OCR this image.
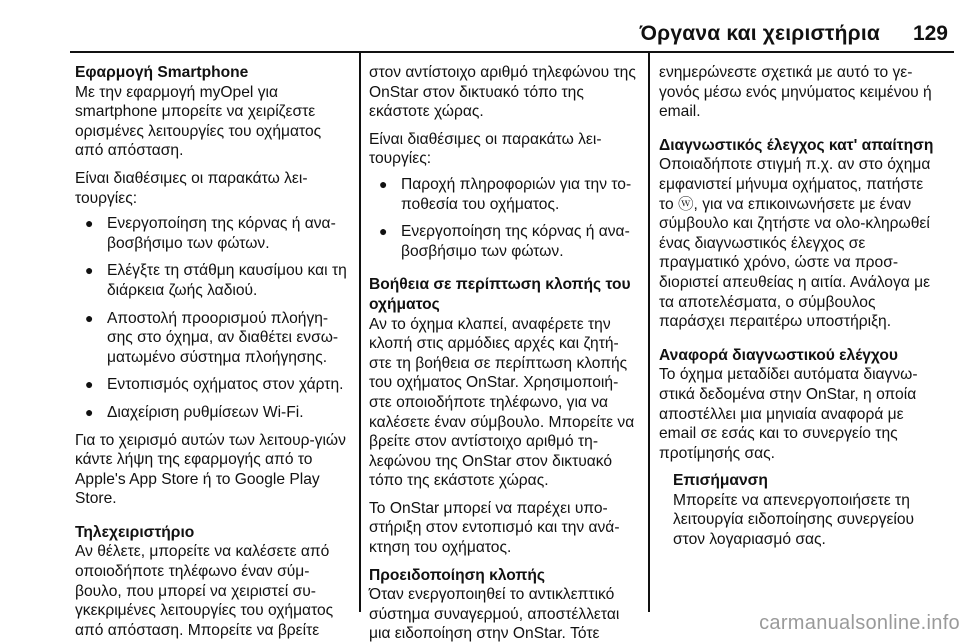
Όργανα και χειριστήρια	129
Εφαρμογή Smartphone

Με την εφαρμογή myOpel για smartphone μπορείτε να χειρίζεστε ορισμένες λειτουργίες του οχήματος από απόσταση.

Είναι διαθέσιμες οι παρακάτω λει-τουργίες:

● Ενεργοποίηση της κόρνας ή ανα-βοσβήσιμο των φώτων.
● Ελέγξτε τη στάθμη καυσίμου και τη διάρκεια ζωής λαδιού.
● Αποστολή προορισμού πλοήγη-σης στο όχημα, αν διαθέτει ενσω-ματωμένο σύστημα πλοήγησης.
● Εντοπισμός οχήματος στον χάρτη.
● Διαχείριση ρυθμίσεων Wi-Fi.

Για το χειρισμό αυτών των λειτουρ-γιών κάντε λήψη της εφαρμογής από το Apple's App Store ή το Google Play Store.

Τηλεχειριστήριο

Αν θέλετε, μπορείτε να καλέσετε από οποιοδήποτε τηλέφωνο έναν σύμ-βουλο, που μπορεί να χειριστεί συ-γκεκριμένες λειτουργίες του οχήματος από απόσταση. Μπορείτε να βρείτε

στον αντίστοιχο αριθμό τηλεφώνου της OnStar στον δικτυακό τόπο της εκάστοτε χώρας.

Είναι διαθέσιμες οι παρακάτω λει-τουργίες:

● Παροχή πληροφοριών για την το-ποθεσία του οχήματος.
● Ενεργοποίηση της κόρνας ή ανα-βοσβήσιμο των φώτων.
Βοήθεια σε περίπτωση κλοπής του οχήματος

Αν το όχημα κλαπεί, αναφέρετε την κλοπή στις αρμόδιες αρχές και ζητή-στε τη βοήθεια σε περίπτωση κλοπής του οχήματος OnStar. Χρησιμοποιή-στε οποιοδήποτε τηλέφωνο, για να καλέσετε έναν σύμβουλο. Μπορείτε να βρείτε στον αντίστοιχο αριθμό τη-λεφώνου της OnStar στον δικτυακό τόπο της εκάστοτε χώρας.

Το OnStar μπορεί να παρέχει υπο-στήριξη στον εντοπισμό και την ανά-κτηση του οχήματος.

Προειδοποίηση κλοπής

Όταν ενεργοποιηθεί το αντικλεπτικό σύστημα συναγερμού, αποστέλλεται μια ειδοποίηση στην OnStar. Τότε

ενημερώνεστε σχετικά με αυτό το γε-γονός μέσω ενός μηνύματος κειμένου ή email.

Διαγνωστικός έλεγχος κατ' απαίτηση

Οποιαδήποτε στιγμή π.χ. αν στο όχημα εμφανιστεί μήνυμα οχήματος, πατήστε το ⓦ, για να επικοινωνήσετε με έναν σύμβουλο και ζητήστε να ολο-κληρωθεί ένας διαγνωστικός έλεγχος σε πραγματικό χρόνο, ώστε να προσ-διοριστεί απευθείας η αιτία. Ανάλογα με τα αποτελέσματα, ο σύμβουλος παράσχει περαιτέρω υποστήριξη.

Αναφορά διαγνωστικού ελέγχου

Το όχημα μεταδίδει αυτόματα διαγνω-στικά δεδομένα στην OnStar, η οποία αποστέλλει μια μηνιαία αναφορά με email σε εσάς και το συνεργείο της προτίμησής σας.

Επισήμανση

Μπορείτε να απενεργοποιήσετε τη λειτουργία ειδοποίησης συνεργείου στον λογαριασμό σας.

carmanualsonline.info
